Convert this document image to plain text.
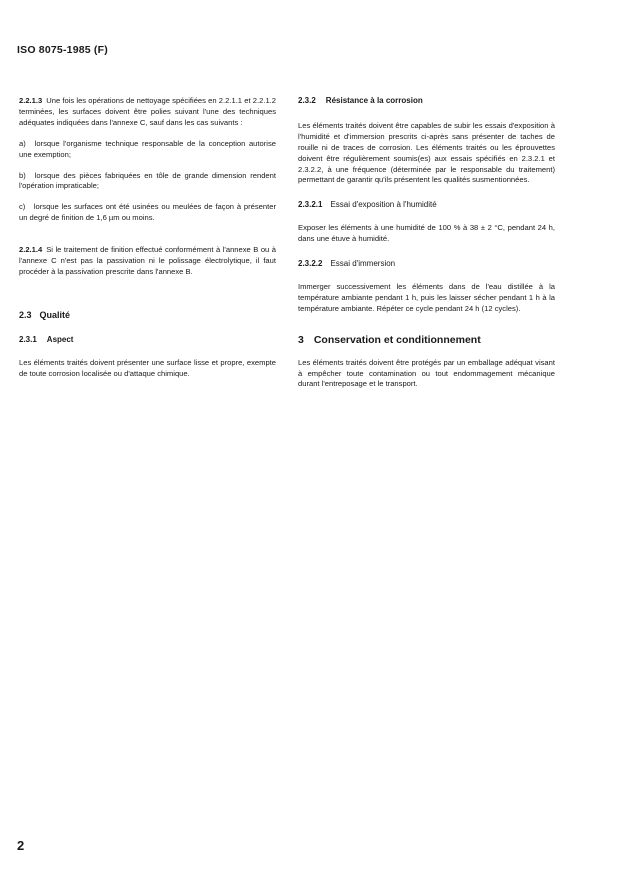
ISO 8075-1985 (F)

2.2.1.3 Une fois les opérations de nettoyage spécifiées en 2.2.1.1 et 2.2.1.2 terminées, les surfaces doivent être polies suivant l'une des techniques adéquates indiquées dans l'annexe C, sauf dans les cas suivants :

a) lorsque l'organisme technique responsable de la conception autorise une exemption;

b) lorsque des pièces fabriquées en tôle de grande dimension rendent l'opération impraticable;

c) lorsque les surfaces ont été usinées ou meulées de façon à présenter un degré de finition de 1,6 µm ou moins.

2.2.1.4 Si le traitement de finition effectué conformément à l'annexe B ou à l'annexe C n'est pas la passivation ni le polissage électrolytique, il faut procéder à la passivation prescrite dans l'annexe B.

2.3 Qualité
2.3.1 Aspect

Les éléments traités doivent présenter une surface lisse et propre, exempte de toute corrosion localisée ou d'attaque chimique.

2.3.2 Résistance à la corrosion

Les éléments traités doivent être capables de subir les essais d'exposition à l'humidité et d'immersion prescrits ci-après sans présenter de taches de rouille ni de traces de corrosion. Les éléments traités ou les éprouvettes doivent être régulièrement soumis(es) aux essais spécifiés en 2.3.2.1 et 2.3.2.2, à une fréquence (déterminée par le responsable du traitement) permettant de garantir qu'ils présentent les qualités susmentionnées.

2.3.2.1 Essai d'exposition à l'humidité

Exposer les éléments à une humidité de 100 % à 38 ± 2 °C, pendant 24 h, dans une étuve à humidité.

2.3.2.2 Essai d'immersion

Immerger successivement les éléments dans de l'eau distillée à la température ambiante pendant 1 h, puis les laisser sécher pendant 1 h à la température ambiante. Répéter ce cycle pendant 24 h (12 cycles).

3 Conservation et conditionnement

Les éléments traités doivent être protégés par un emballage adéquat visant à empêcher toute contamination ou tout endommagement mécanique durant l'entreposage et le transport.

2
